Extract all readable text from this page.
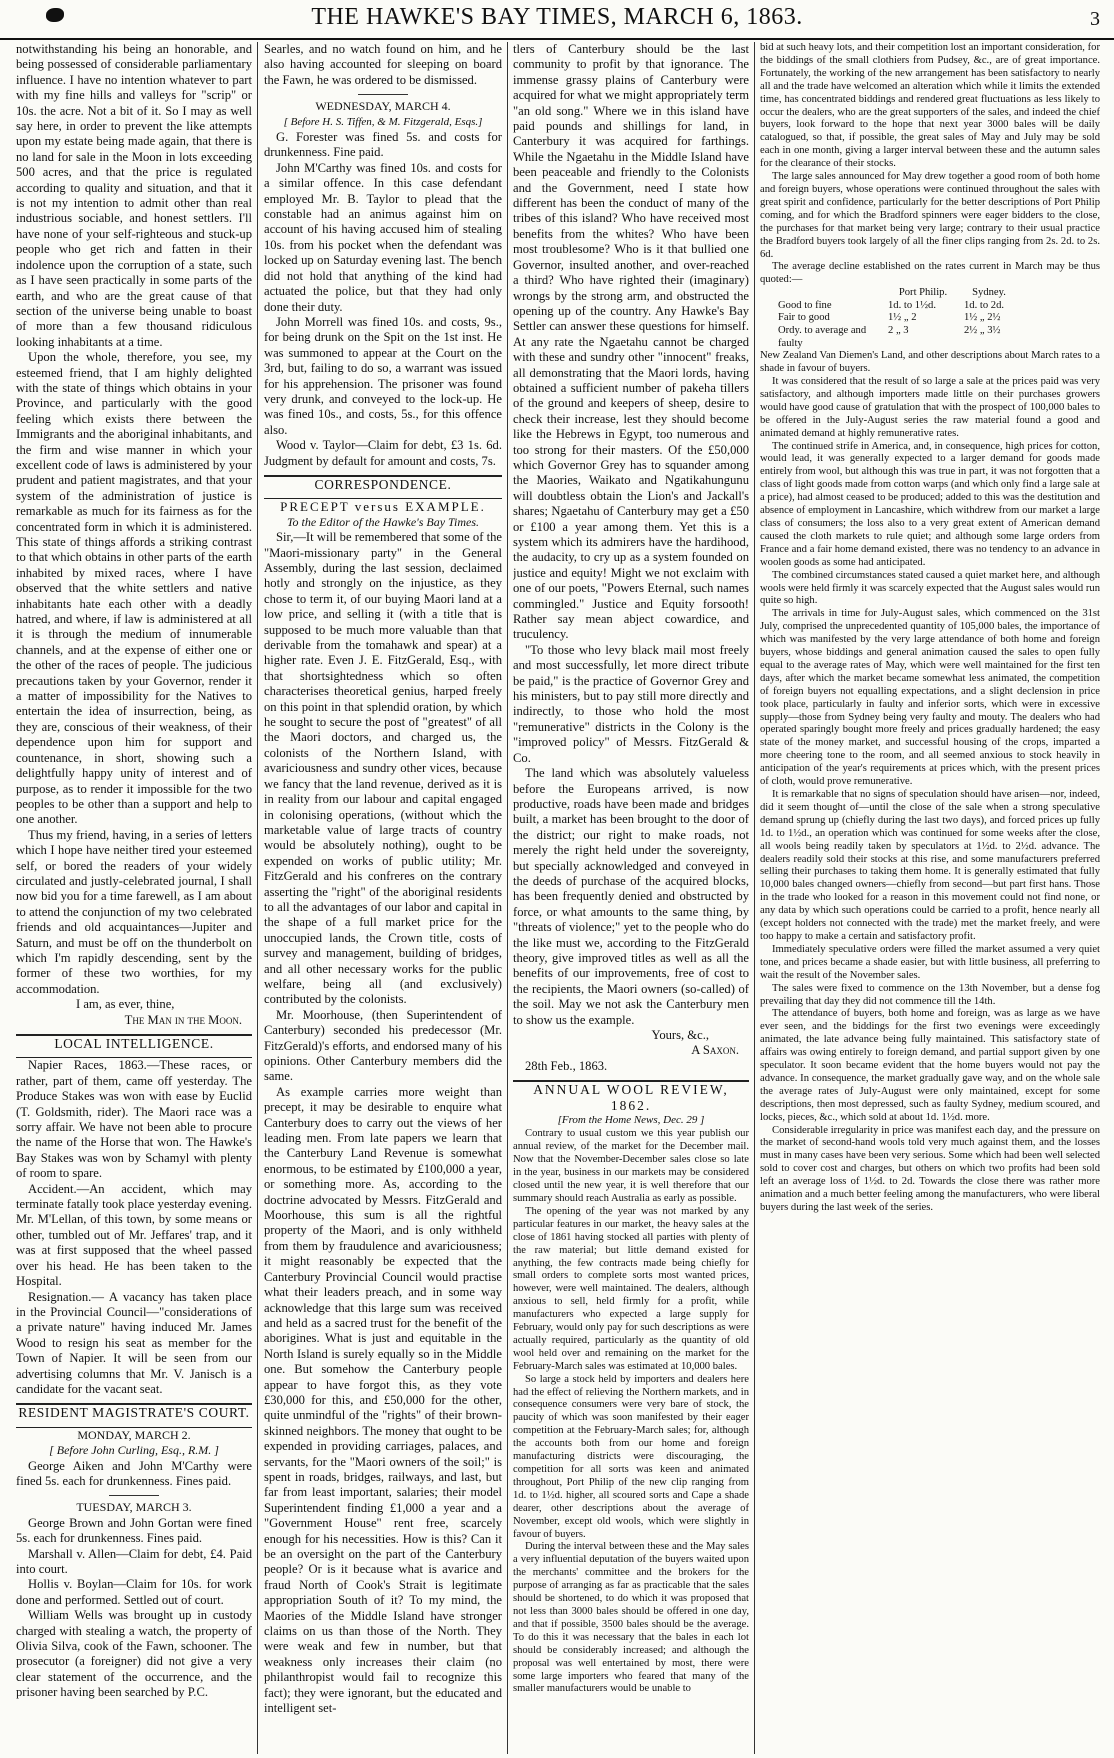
THE HAWKE'S BAY TIMES, MARCH 6, 1863.	3

notwithstanding his being an honorable, and being possessed of considerable parliamentary influence. I have no intention whatever to part with my fine hills and valleys for "scrip" or 10s. the acre. Not a bit of it. So I may as well say here, in order to prevent the like attempts upon my estate being made again, that there is no land for sale in the Moon in lots exceeding 500 acres, and that the price is regulated according to quality and situation, and that it is not my intention to admit other than real industrious sociable, and honest settlers. I'll have none of your self-righteous and stuck-up people who get rich and fatten in their indolence upon the corruption of a state, such as I have seen practically in some parts of the earth, and who are the great cause of that section of the universe being unable to boast of more than a few thousand ridiculous looking inhabitants at a time.

Upon the whole, therefore, you see, my esteemed friend, that I am highly delighted with the state of things which obtains in your Province, and particularly with the good feeling which exists there between the Immigrants and the aboriginal inhabitants, and the firm and wise manner in which your excellent code of laws is administered by your prudent and patient magistrates, and that your system of the administration of justice is remarkable as much for its fairness as for the concentrated form in which it is administered. This state of things affords a striking contrast to that which obtains in other parts of the earth inhabited by mixed races, where I have observed that the white settlers and native inhabitants hate each other with a deadly hatred, and where, if law is administered at all it is through the medium of innumerable channels, and at the expense of either one or the other of the races of people. The judicious precautions taken by your Governor, render it a matter of impossibility for the Natives to entertain the idea of insurrection, being, as they are, conscious of their weakness, of their dependence upon him for support and countenance, in short, showing such a delightfully happy unity of interest and of purpose, as to render it impossible for the two peoples to be other than a support and help to one another.

Thus my friend, having, in a series of letters which I hope have neither tired your esteemed self, or bored the readers of your widely circulated and justly-celebrated journal, I shall now bid you for a time farewell, as I am about to attend the conjunction of my two celebrated friends and old acquaintances—Jupiter and Saturn, and must be off on the thunderbolt on which I'm rapidly descending, sent by the former of these two worthies, for my accommodation.

I am, as ever, thine,

The Man in the Moon.

LOCAL INTELLIGENCE.

Napier Races, 1863.—These races, or rather, part of them, came off yesterday. The Produce Stakes was won with ease by Euclid (T. Goldsmith, rider). The Maori race was a sorry affair. We have not been able to procure the name of the Horse that won. The Hawke's Bay Stakes was won by Schamyl with plenty of room to spare.

Accident.—An accident, which may terminate fatally took place yesterday evening. Mr. M'Lellan, of this town, by some means or other, tumbled out of Mr. Jeffares' trap, and it was at first supposed that the wheel passed over his head. He has been taken to the Hospital.

Resignation.— A vacancy has taken place in the Provincial Council—"considerations of a private nature" having induced Mr. James Wood to resign his seat as member for the Town of Napier. It will be seen from our advertising columns that Mr. V. Janisch is a candidate for the vacant seat.

RESIDENT MAGISTRATE'S COURT.

MONDAY, MARCH 2.

[ Before John Curling, Esq., R.M. ]

George Aiken and John M'Carthy were fined 5s. each for drunkenness. Fines paid.

TUESDAY, MARCH 3.

George Brown and John Gortan were fined 5s. each for drunkenness. Fines paid.

Marshall v. Allen—Claim for debt, £4. Paid into court.

Hollis v. Boylan—Claim for 10s. for work done and performed. Settled out of court.

William Wells was brought up in custody charged with stealing a watch, the property of Olivia Silva, cook of the Fawn, schooner. The prosecutor (a foreigner) did not give a very clear statement of the occurrence, and the prisoner having been searched by P.C.

Searles, and no watch found on him, and he also having accounted for sleeping on board the Fawn, he was ordered to be dismissed.

WEDNESDAY, MARCH 4.

[ Before H. S. Tiffen, & M. Fitzgerald, Esqs.]

G. Forester was fined 5s. and costs for drunkenness. Fine paid.

John M'Carthy was fined 10s. and costs for a similar offence. In this case defendant employed Mr. B. Taylor to plead that the constable had an animus against him on account of his having accused him of stealing 10s. from his pocket when the defendant was locked up on Saturday evening last. The bench did not hold that anything of the kind had actuated the police, but that they had only done their duty.

John Morrell was fined 10s. and costs, 9s., for being drunk on the Spit on the 1st inst. He was summoned to appear at the Court on the 3rd, but, failing to do so, a warrant was issued for his apprehension. The prisoner was found very drunk, and conveyed to the lock-up. He was fined 10s., and costs, 5s., for this offence also.

Wood v. Taylor—Claim for debt, £3 1s. 6d. Judgment by default for amount and costs, 7s.

CORRESPONDENCE.

PRECEPT versus EXAMPLE.

To the Editor of the Hawke's Bay Times.

Sir,—It will be remembered that some of the "Maori-missionary party" in the General Assembly, during the last session, declaimed hotly and strongly on the injustice, as they chose to term it, of our buying Maori land at a low price, and selling it (with a title that is supposed to be much more valuable than that derivable from the tomahawk and spear) at a higher rate. Even J. E. FitzGerald, Esq., with that shortsightedness which so often characterises theoretical genius, harped freely on this point in that splendid oration, by which he sought to secure the post of "greatest" of all the Maori doctors, and charged us, the colonists of the Northern Island, with avariciousness and sundry other vices, because we fancy that the land revenue, derived as it is in reality from our labour and capital engaged in colonising operations, (without which the marketable value of large tracts of country would be absolutely nothing), ought to be expended on works of public utility; Mr. FitzGerald and his confreres on the contrary asserting the "right" of the aboriginal residents to all the advantages of our labor and capital in the shape of a full market price for the unoccupied lands, the Crown title, costs of survey and management, building of bridges, and all other necessary works for the public welfare, being all (and exclusively) contributed by the colonists.

Mr. Moorhouse, (then Superintendent of Canterbury) seconded his predecessor (Mr. FitzGerald)'s efforts, and endorsed many of his opinions. Other Canterbury members did the same.

As example carries more weight than precept, it may be desirable to enquire what Canterbury does to carry out the views of her leading men. From late papers we learn that the Canterbury Land Revenue is somewhat enormous, to be estimated by £100,000 a year, or something more. As, according to the doctrine advocated by Messrs. FitzGerald and Moorhouse, this sum is all the rightful property of the Maori, and is only withheld from them by fraudulence and avariciousness; it might reasonably be expected that the Canterbury Provincial Council would practise what their leaders preach, and in some way acknowledge that this large sum was received and held as a sacred trust for the benefit of the aborigines. What is just and equitable in the North Island is surely equally so in the Middle one. But somehow the Canterbury people appear to have forgot this, as they vote £30,000 for this, and £50,000 for the other, quite unmindful of the "rights" of their brown-skinned neighbors. The money that ought to be expended in providing carriages, palaces, and servants, for the "Maori owners of the soil;" is spent in roads, bridges, railways, and last, but far from least important, salaries; their model Superintendent finding £1,000 a year and a "Government House" rent free, scarcely enough for his necessities. How is this? Can it be an oversight on the part of the Canterbury people? Or is it because what is avarice and fraud North of Cook's Strait is legitimate appropriation South of it? To my mind, the Maories of the Middle Island have stronger claims on us than those of the North. They were weak and few in number, but that weakness only increases their claim (no philanthropist would fail to recognize this fact); they were ignorant, but the educated and intelligent set-

tlers of Canterbury should be the last community to profit by that ignorance. The immense grassy plains of Canterbury were acquired for what we might appropriately term "an old song." Where we in this island have paid pounds and shillings for land, in Canterbury it was acquired for farthings. While the Ngaetahu in the Middle Island have been peaceable and friendly to the Colonists and the Government, need I state how different has been the conduct of many of the tribes of this island? Who have received most benefits from the whites? Who have been most troublesome? Who is it that bullied one Governor, insulted another, and over-reached a third? Who have righted their (imaginary) wrongs by the strong arm, and obstructed the opening up of the country. Any Hawke's Bay Settler can answer these questions for himself. At any rate the Ngaetahu cannot be charged with these and sundry other "innocent" freaks, all demonstrating that the Maori lords, having obtained a sufficient number of pakeha tillers of the ground and keepers of sheep, desire to check their increase, lest they should become like the Hebrews in Egypt, too numerous and too strong for their masters. Of the £50,000 which Governor Grey has to squander among the Maories, Waikato and Ngatikahungunu will doubtless obtain the Lion's and Jackall's shares; Ngaetahu of Canterbury may get a £50 or £100 a year among them. Yet this is a system which its admirers have the hardihood, the audacity, to cry up as a system founded on justice and equity! Might we not exclaim with one of our poets, "Powers Eternal, such names commingled." Justice and Equity forsooth! Rather say mean abject cowardice, and truculency.

"To those who levy black mail most freely and most successfully, let more direct tribute be paid," is the practice of Governor Grey and his ministers, but to pay still more directly and indirectly, to those who hold the most "remunerative" districts in the Colony is the "improved policy" of Messrs. FitzGerald & Co.

The land which was absolutely valueless before the Europeans arrived, is now productive, roads have been made and bridges built, a market has been brought to the door of the district; our right to make roads, not merely the right held under the sovereignty, but specially acknowledged and conveyed in the deeds of purchase of the acquired blocks, has been frequently denied and obstructed by force, or what amounts to the same thing, by "threats of violence;" yet to the people who do the like must we, according to the FitzGerald theory, give improved titles as well as all the benefits of our improvements, free of cost to the recipients, the Maori owners (so-called) of the soil. May we not ask the Canterbury men to show us the example.

Yours, &c.,

A Saxon.

28th Feb., 1863.

ANNUAL WOOL REVIEW, 1862.

[From the Home News, Dec. 29 ]

Contrary to usual custom we this year publish our annual review, of the market for the December mail. Now that the November-December sales close so late in the year, business in our markets may be considered closed until the new year, it is well therefore that our summary should reach Australia as early as possible.

The opening of the year was not marked by any particular features in our market, the heavy sales at the close of 1861 having stocked all parties with plenty of the raw material; but little demand existed for anything, the few contracts made being chiefly for small orders to complete sorts most wanted prices, however, were well maintained. The dealers, although anxious to sell, held firmly for a profit, while manufacturers who expected a large supply for February, would only pay for such descriptions as were actually required, particularly as the quantity of old wool held over and remaining on the market for the February-March sales was estimated at 10,000 bales.

So large a stock held by importers and dealers here had the effect of relieving the Northern markets, and in consequence consumers were very bare of stock, the paucity of which was soon manifested by their eager competition at the February-March sales; for, although the accounts both from our home and foreign manufacturing districts were discouraging, the competition for all sorts was keen and animated throughout, Port Philip of the new clip ranging from 1d. to 1½d. higher, all scoured sorts and Cape a shade dearer, other descriptions about the average of November, except old wools, which were slightly in favour of buyers.

During the interval between these and the May sales a very influential deputation of the buyers waited upon the merchants' committee and the brokers for the purpose of arranging as far as practicable that the sales should be shortened, to do which it was proposed that not less than 3000 bales should be offered in one day, and that if possible, 3500 bales should be the average. To do this it was necessary that the bales in each lot should be considerably increased; and although the proposal was well entertained by most, there were some large importers who feared that many of the smaller manufacturers would be unable to

bid at such heavy lots, and their competition lost an important consideration, for the biddings of the small clothiers from Pudsey, &c., are of great importance. Fortunately, the working of the new arrangement has been satisfactory to nearly all and the trade have welcomed an alteration which while it limits the extended time, has concentrated biddings and rendered great fluctuations as less likely to occur the dealers, who are the great supporters of the sales, and indeed the chief buyers, look forward to the hope that next year 3000 bales will be daily catalogued, so that, if possible, the great sales of May and July may be sold each in one month, giving a larger interval between these and the autumn sales for the clearance of their stocks.

The large sales announced for May drew together a good room of both home and foreign buyers, whose operations were continued throughout the sales with great spirit and confidence, particularly for the better descriptions of Port Philip coming, and for which the Bradford spinners were eager bidders to the close, the purchases for that market being very large; contrary to their usual practice the Bradford buyers took largely of all the finer clips ranging from 2s. 2d. to 2s. 6d.

The average decline established on the rates current in March may be thus quoted:—

Port Philip.	Sydney.
Good to fine	1d. to 1½d.	1d. to 2d.
Fair to good	1½ „ 2	1½ „ 2½
Ordy. to average and faulty
2 „ 3	2½ „ 3½

New Zealand Van Diemen's Land, and other descriptions about March rates to a shade in favour of buyers.

It was considered that the result of so large a sale at the prices paid was very satisfactory, and although importers made little on their purchases growers would have good cause of gratulation that with the prospect of 100,000 bales to be offered in the July-August series the raw material found a good and animated demand at highly remunerative rates.

The continued strife in America, and, in consequence, high prices for cotton, would lead, it was generally expected to a larger demand for goods made entirely from wool, but although this was true in part, it was not forgotten that a class of light goods made from cotton warps (and which only find a large sale at a price), had almost ceased to be produced; added to this was the destitution and absence of employment in Lancashire, which withdrew from our market a large class of consumers; the loss also to a very great extent of American demand caused the cloth markets to rule quiet; and although some large orders from France and a fair home demand existed, there was no tendency to an advance in woolen goods as some had anticipated.

The combined circumstances stated caused a quiet market here, and although wools were held firmly it was scarcely expected that the August sales would run quite so high.

The arrivals in time for July-August sales, which commenced on the 31st July, comprised the unprecedented quantity of 105,000 bales, the importance of which was manifested by the very large attendance of both home and foreign buyers, whose biddings and general animation caused the sales to open fully equal to the average rates of May, which were well maintained for the first ten days, after which the market became somewhat less animated, the competition of foreign buyers not equalling expectations, and a slight declension in price took place, particularly in faulty and inferior sorts, which were in excessive supply—those from Sydney being very faulty and mouty. The dealers who had operated sparingly bought more freely and prices gradually hardened; the easy state of the money market, and successful housing of the crops, imparted a more cheering tone to the room, and all seemed anxious to stock heavily in anticipation of the year's requirements at prices which, with the present prices of cloth, would prove remunerative.

It is remarkable that no signs of speculation should have arisen—nor, indeed, did it seem thought of—until the close of the sale when a strong speculative demand sprung up (chiefly during the last two days), and forced prices up fully 1d. to 1½d., an operation which was continued for some weeks after the close, all wools being readily taken by speculators at 1½d. to 2½d. advance. The dealers readily sold their stocks at this rise, and some manufacturers preferred selling their purchases to taking them home. It is generally estimated that fully 10,000 bales changed owners—chiefly from second—but part first hans. Those in the trade who looked for a reason in this movement could not find none, or any data by which such operations could be carried to a profit, hence nearly all (except holders not connected with the trade) met the market freely, and were too happy to make a certain and satisfactory profit.

Immediately speculative orders were filled the market assumed a very quiet tone, and prices became a shade easier, but with little business, all preferring to wait the result of the November sales.

The sales were fixed to commence on the 13th November, but a dense fog prevailing that day they did not commence till the 14th.

The attendance of buyers, both home and foreign, was as large as we have ever seen, and the biddings for the first two evenings were exceedingly animated, the late advance being fully maintained. This satisfactory state of affairs was owing entirely to foreign demand, and partial support given by one speculator. It soon became evident that the home buyers would not pay the advance. In consequence, the market gradually gave way, and on the whole sale the average rates of July-August were only maintained, except for some descriptions, then most depressed, such as faulty Sydney, medium scoured, and locks, pieces, &c., which sold at about 1d. 1½d. more.

Considerable irregularity in price was manifest each day, and the pressure on the market of second-hand wools told very much against them, and the losses must in many cases have been very serious. Some which had been well selected sold to cover cost and charges, but others on which two profits had been sold left an average loss of 1½d. to 2d. Towards the close there was rather more animation and a much better feeling among the manufacturers, who were liberal buyers during the last week of the series.
